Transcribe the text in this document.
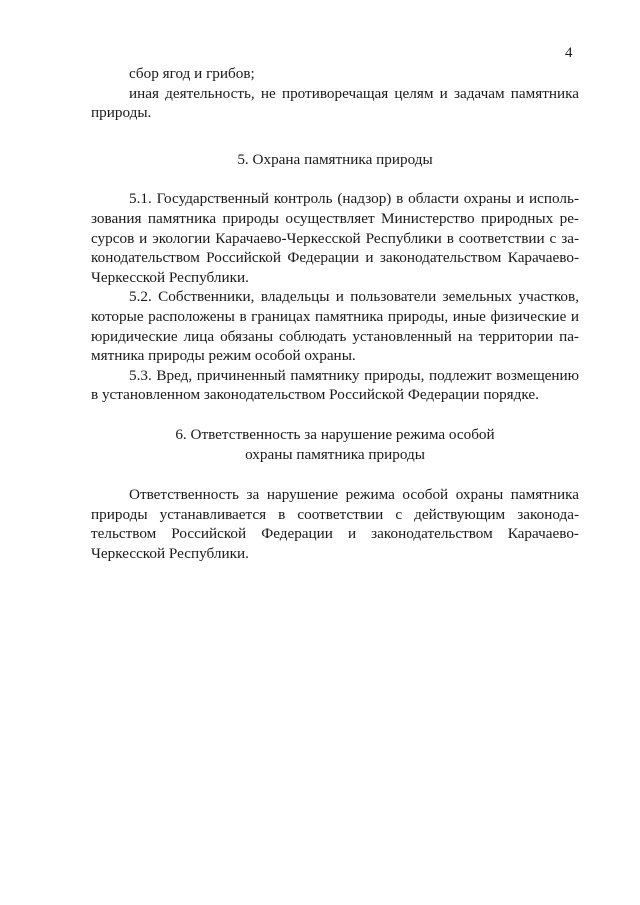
4
сбор ягод и грибов;
иная деятельность, не противоречащая целям и задачам памятника
природы.
5. Охрана памятника природы
5.1. Государственный контроль (надзор) в области охраны и исполь-
зования памятника природы осуществляет Министерство природных ре-
сурсов и экологии Карачаево-Черкесской Республики в соответствии с за-
конодательством Российской Федерации и законодательством Карачаево-
Черкесской Республики.
5.2. Собственники, владельцы и пользователи земельных участков,
которые расположены в границах памятника природы, иные физические и
юридические лица обязаны соблюдать установленный на территории па-
мятника природы режим особой охраны.
5.3. Вред, причиненный памятнику природы, подлежит возмещению
в установленном законодательством Российской Федерации порядке.
6. Ответственность за нарушение режима особой
охраны памятника природы
Ответственность за нарушение режима особой охраны памятника
природы устанавливается в соответствии с действующим законода-
тельством Российской Федерации и законодательством Карачаево-
Черкесской Республики.
